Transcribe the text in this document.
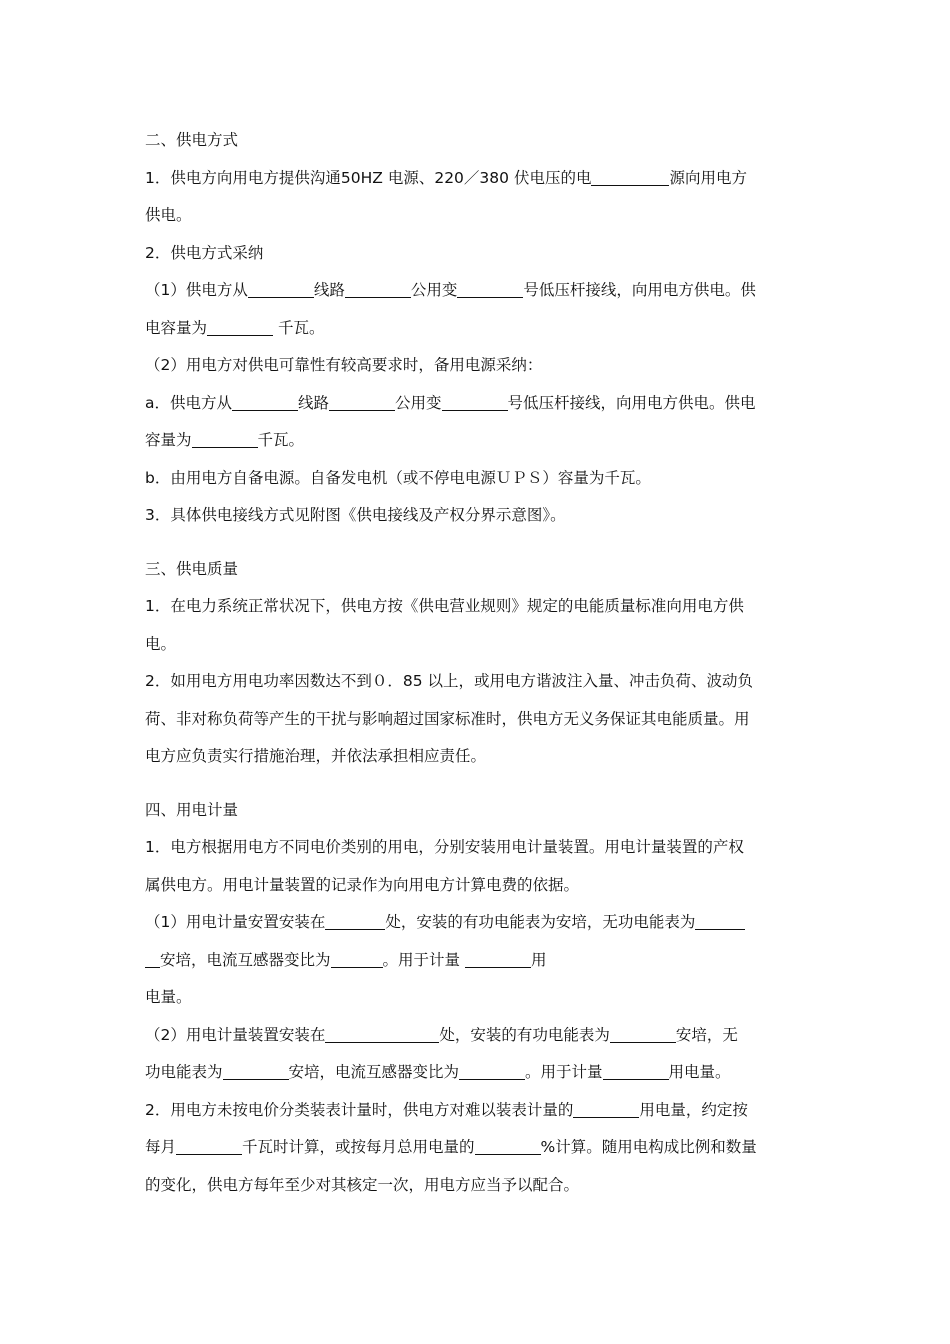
二、供电方式
1．供电方向用电方提供沟通50HZ 电源、220／380 伏电压的电	源向用电方
供电。
2．供电方式采纳
（1）供电方从	线路	公用变	号低压杆接线，向用电方供电。供
电容量为	千瓦。
（2）用电方对供电可靠性有较高要求时，备用电源采纳：
a．供电方从	线路	公用变	号低压杆接线，向用电方供电。供电
容量为	千瓦。
b．由用电方自备电源。自备发电机（或不停电电源ＵＰＳ）容量为千瓦。
3．具体供电接线方式见附图《供电接线及产权分界示意图》。
三、供电质量
1．在电力系统正常状况下，供电方按《供电营业规则》规定的电能质量标准向用电方供
电。
2．如用电方用电功率因数达不到０．85 以上，或用电方谐波注入量、冲击负荷、波动负
荷、非对称负荷等产生的干扰与影响超过国家标准时，供电方无义务保证其电能质量。用
电方应负责实行措施治理，并依法承担相应责任。
四、用电计量
1．电方根据用电方不同电价类别的用电，分别安装用电计量装置。用电计量装置的产权
属供电方。用电计量装置的记录作为向用电方计算电费的依据。
（1）用电计量安置安装在	处，安装的有功电能表为安培，无功电能表为
安培，电流互感器变比为	。用于计量	用
电量。
（2）用电计量装置安装在	处，安装的有功电能表为	安培，无
功电能表为	安培，电流互感器变比为	。用于计量	用电量。
2．用电方未按电价分类装表计量时，供电方对难以装表计量的	用电量，约定按
每月	千瓦时计算，或按每月总用电量的	%计算。随用电构成比例和数量
的变化，供电方每年至少对其核定一次，用电方应当予以配合。
